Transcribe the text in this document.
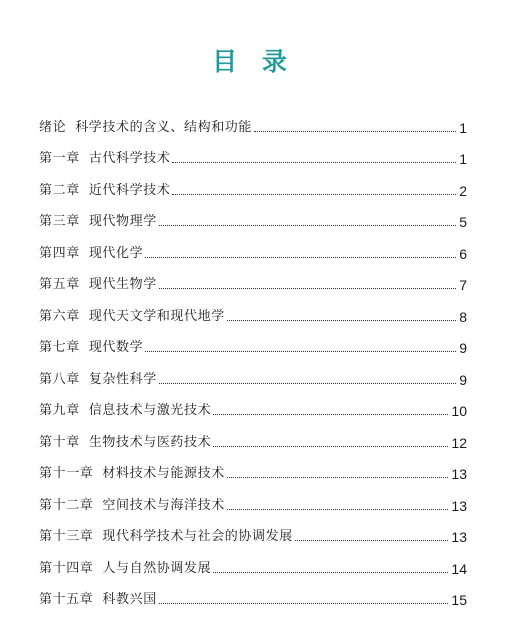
目 录
绪论 科学技术的含义、结构和功能	1
第一章 古代科学技术	1
第二章 近代科学技术	2
第三章 现代物理学	5
第四章 现代化学	6
第五章 现代生物学	7
第六章 现代天文学和现代地学	8
第七章 现代数学	9
第八章 复杂性科学	9
第九章 信息技术与激光技术	10
第十章 生物技术与医药技术	12
第十一章 材料技术与能源技术	13
第十二章 空间技术与海洋技术	13
第十三章 现代科学技术与社会的协调发展	13
第十四章 人与自然协调发展	14
第十五章 科教兴国	15
